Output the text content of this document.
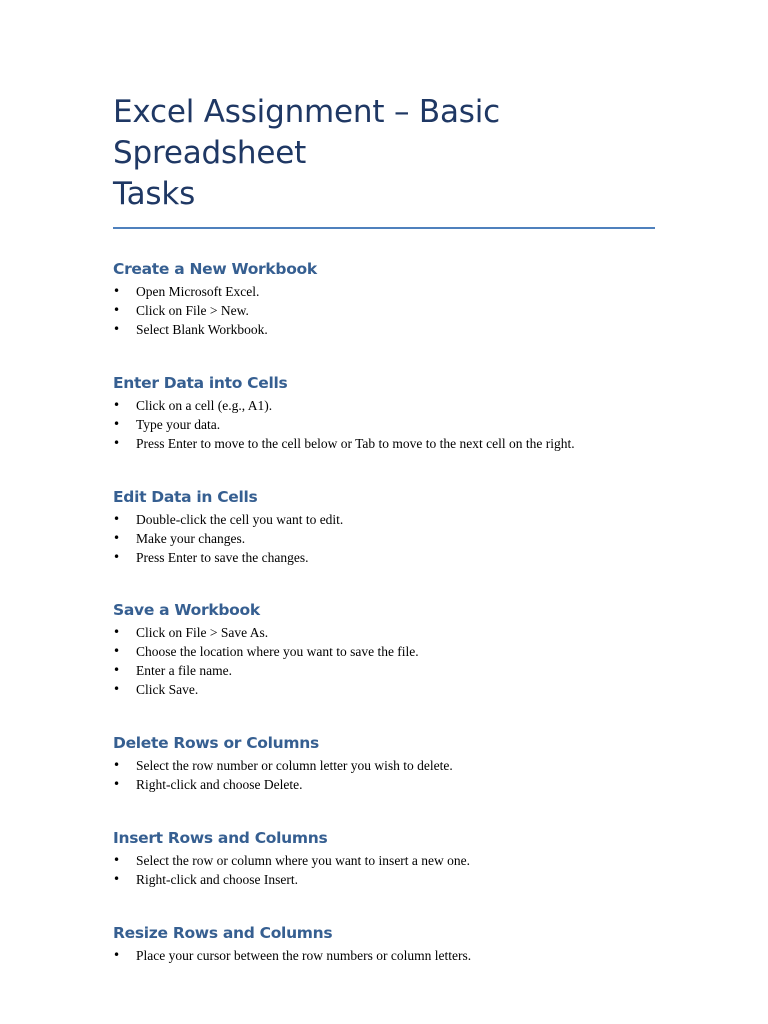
Excel Assignment – Basic Spreadsheet
Tasks
Create a New Workbook
• Open Microsoft Excel.
• Click on File > New.
• Select Blank Workbook.
Enter Data into Cells
• Click on a cell (e.g., A1).
• Type your data.
• Press Enter to move to the cell below or Tab to move to the next cell on the right.
Edit Data in Cells
• Double-click the cell you want to edit.
• Make your changes.
• Press Enter to save the changes.
Save a Workbook
• Click on File > Save As.
• Choose the location where you want to save the file.
• Enter a file name.
• Click Save.
Delete Rows or Columns
• Select the row number or column letter you wish to delete.
• Right-click and choose Delete.
Insert Rows and Columns
• Select the row or column where you want to insert a new one.
• Right-click and choose Insert.
Resize Rows and Columns
• Place your cursor between the row numbers or column letters.
